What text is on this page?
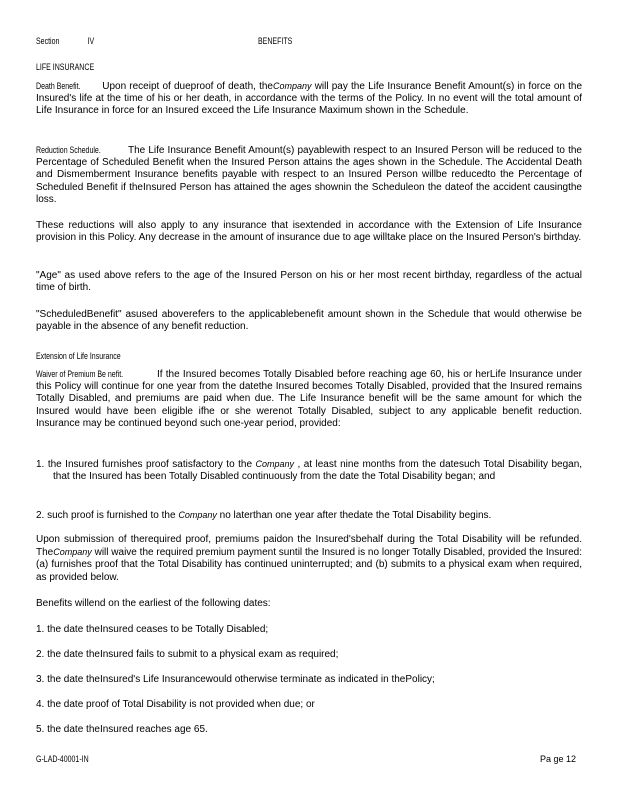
Section	IV	BENEFITS
LIFE INSURANCE

Death Benefit. Upon receipt of dueproof of death, theCompany will pay the Life Insurance Benefit Amount(s) in force on the Insured's life at the time of his or her death, in accordance with the terms of the Policy. In no event will the total amount of Life Insurance in force for an Insured exceed the Life Insurance Maximum shown in the Schedule.

Reduction Schedule.	The Life Insurance Benefit Amount(s) payablewith respect to an Insured Person will be reduced to the Percentage of Scheduled Benefit when the Insured Person attains the ages shown in the Schedule. The Accidental Death and Dismemberment Insurance benefits payable with respect to an Insured Person willbe reducedto the Percentage of Scheduled Benefit if theInsured Person has attained the ages shownin the Scheduleon the dateof the accident causingthe loss.

These reductions will also apply to any insurance that isextended in accordance with the Extension of Life Insurance provision in this Policy. Any decrease in the amount of insurance due to age willtake place on the Insured Person's birthday.

"Age" as used above refers to the age of the Insured Person on his or her most recent birthday, regardless of the actual time of birth.

"ScheduledBenefit" asused aboverefers to the applicablebenefit amount shown in the Schedule that would otherwise be payable in the absence of any benefit reduction.

Extension of Life Insurance

Waiver of Premium Be nefit.	If the Insured becomes Totally Disabled before reaching age 60, his or herLife Insurance under this Policy will continue for one year from the datethe Insured becomes Totally Disabled, provided that the Insured remains Totally Disabled, and premiums are paid when due. The Life Insurance benefit will be the same amount for which the Insured would have been eligible ifhe or she werenot Totally Disabled, subject to any applicable benefit reduction. Insurance may be continued beyond such one-year period, provided:

1. the Insured furnishes proof satisfactory to the Company , at least nine months from the datesuch Total Disability began, that the Insured has been Totally Disabled continuously from the date the Total Disability began; and

2. such proof is furnished to the Company no laterthan one year after thedate the Total Disability begins.

Upon submission of therequired proof, premiums paidon the Insured'sbehalf during the Total Disability will be refunded. TheCompany will waive the required premium payment suntil the Insured is no longer Totally Disabled, provided the Insured: (a) furnishes proof that the Total Disability has continued uninterrupted; and (b) submits to a physical exam when required, as provided below.

Benefits willend on the earliest of the following dates:

1. the date theInsured ceases to be Totally Disabled;
2. the date theInsured fails to submit to a physical exam as required;
3. the date theInsured's Life Insurancewould otherwise terminate as indicated in thePolicy;
4. the date proof of Total Disability is not provided when due; or
5. the date theInsured reaches age 65.
G-LAD-40001-IN	Pa ge 12
